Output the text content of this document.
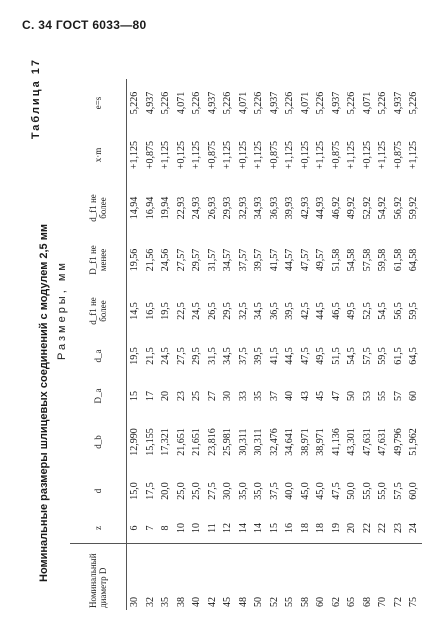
С. 34 ГОСТ 6033—80
Таблица 17
Номинальные размеры шлицевых соединений с модулем 2,5 мм Размеры, мм
Номинальный диаметр D	z	d	d_b	D_a	d_a	d_f1 не более	D_f1 не менее	d_f1 не более	x·m	e=s
30	6	15,0	12,990	15	19,5	14,5	19,56	14,94	+1,125	5,226
32	7	17,5	15,155	17	21,5	16,5	21,56	16,94	+0,875	4,937
35	8	20,0	17,321	20	24,5	19,5	24,56	19,94	+1,125	5,226
38	10	25,0	21,651	23	27,5	22,5	27,57	22,93	+0,125	4,071
40	10	25,0	21,651	25	29,5	24,5	29,57	24,93	+1,125	5,226
42	11	27,5	23,816	27	31,5	26,5	31,57	26,93	+0,875	4,937
45	12	30,0	25,981	30	34,5	29,5	34,57	29,93	+1,125	5,226
48	14	35,0	30,311	33	37,5	32,5	37,57	32,93	+0,125	4,071
50	14	35,0	30,311	35	39,5	34,5	39,57	34,93	+1,125	5,226
52	15	37,5	32,476	37	41,5	36,5	41,57	36,93	+0,875	4,937
55	16	40,0	34,641	40	44,5	39,5	44,57	39,93	+1,125	5,226
58	18	45,0	38,971	43	47,5	42,5	47,57	42,93	+0,125	4,071
60	18	45,0	38,971	45	49,5	44,5	49,57	44,93	+1,125	5,226
62	19	47,5	41,136	47	51,5	46,5	51,58	46,92	+0,875	4,937
65	20	50,0	43,301	50	54,5	49,5	54,58	49,92	+1,125	5,226
68	22	55,0	47,631	53	57,5	52,5	57,58	52,92	+0,125	4,071
70	22	55,0	47,631	55	59,5	54,5	59,58	54,92	+1,125	5,226
72	23	57,5	49,796	57	61,5	56,5	61,58	56,92	+0,875	4,937
75	24	60,0	51,962	60	64,5	59,5	64,58	59,92	+1,125	5,226
